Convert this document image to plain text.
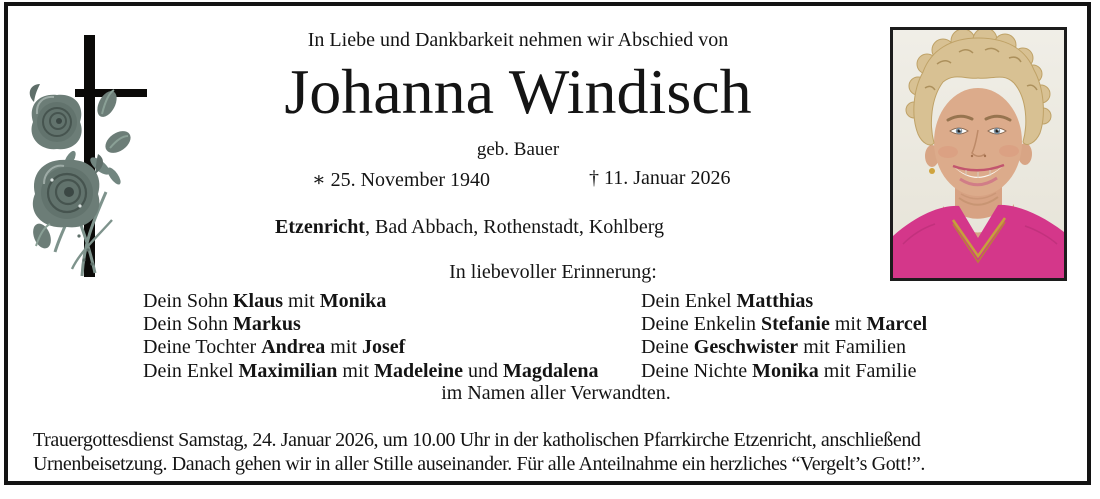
In Liebe und Dankbarkeit nehmen wir Abschied von
Johanna Windisch
geb. Bauer
∗ 25. November 1940	† 11. Januar 2026
Etzenricht, Bad Abbach, Rothenstadt, Kohlberg
In liebevoller Erinnerung:
Dein Sohn Klaus mit Monika
Dein Sohn Markus
Deine Tochter Andrea mit Josef
Dein Enkel Maximilian mit Madeleine und Magdalena
Dein Enkel Matthias
Deine Enkelin Stefanie mit Marcel
Deine Geschwister mit Familien
Deine Nichte Monika mit Familie
im Namen aller Verwandten.
Trauergottesdienst Samstag, 24. Januar 2026, um 10.00 Uhr in der katholischen Pfarrkirche Etzenricht, anschließend
Urnenbeisetzung. Danach gehen wir in aller Stille auseinander. Für alle Anteilnahme ein herzliches “Vergelt’s Gott!”.
